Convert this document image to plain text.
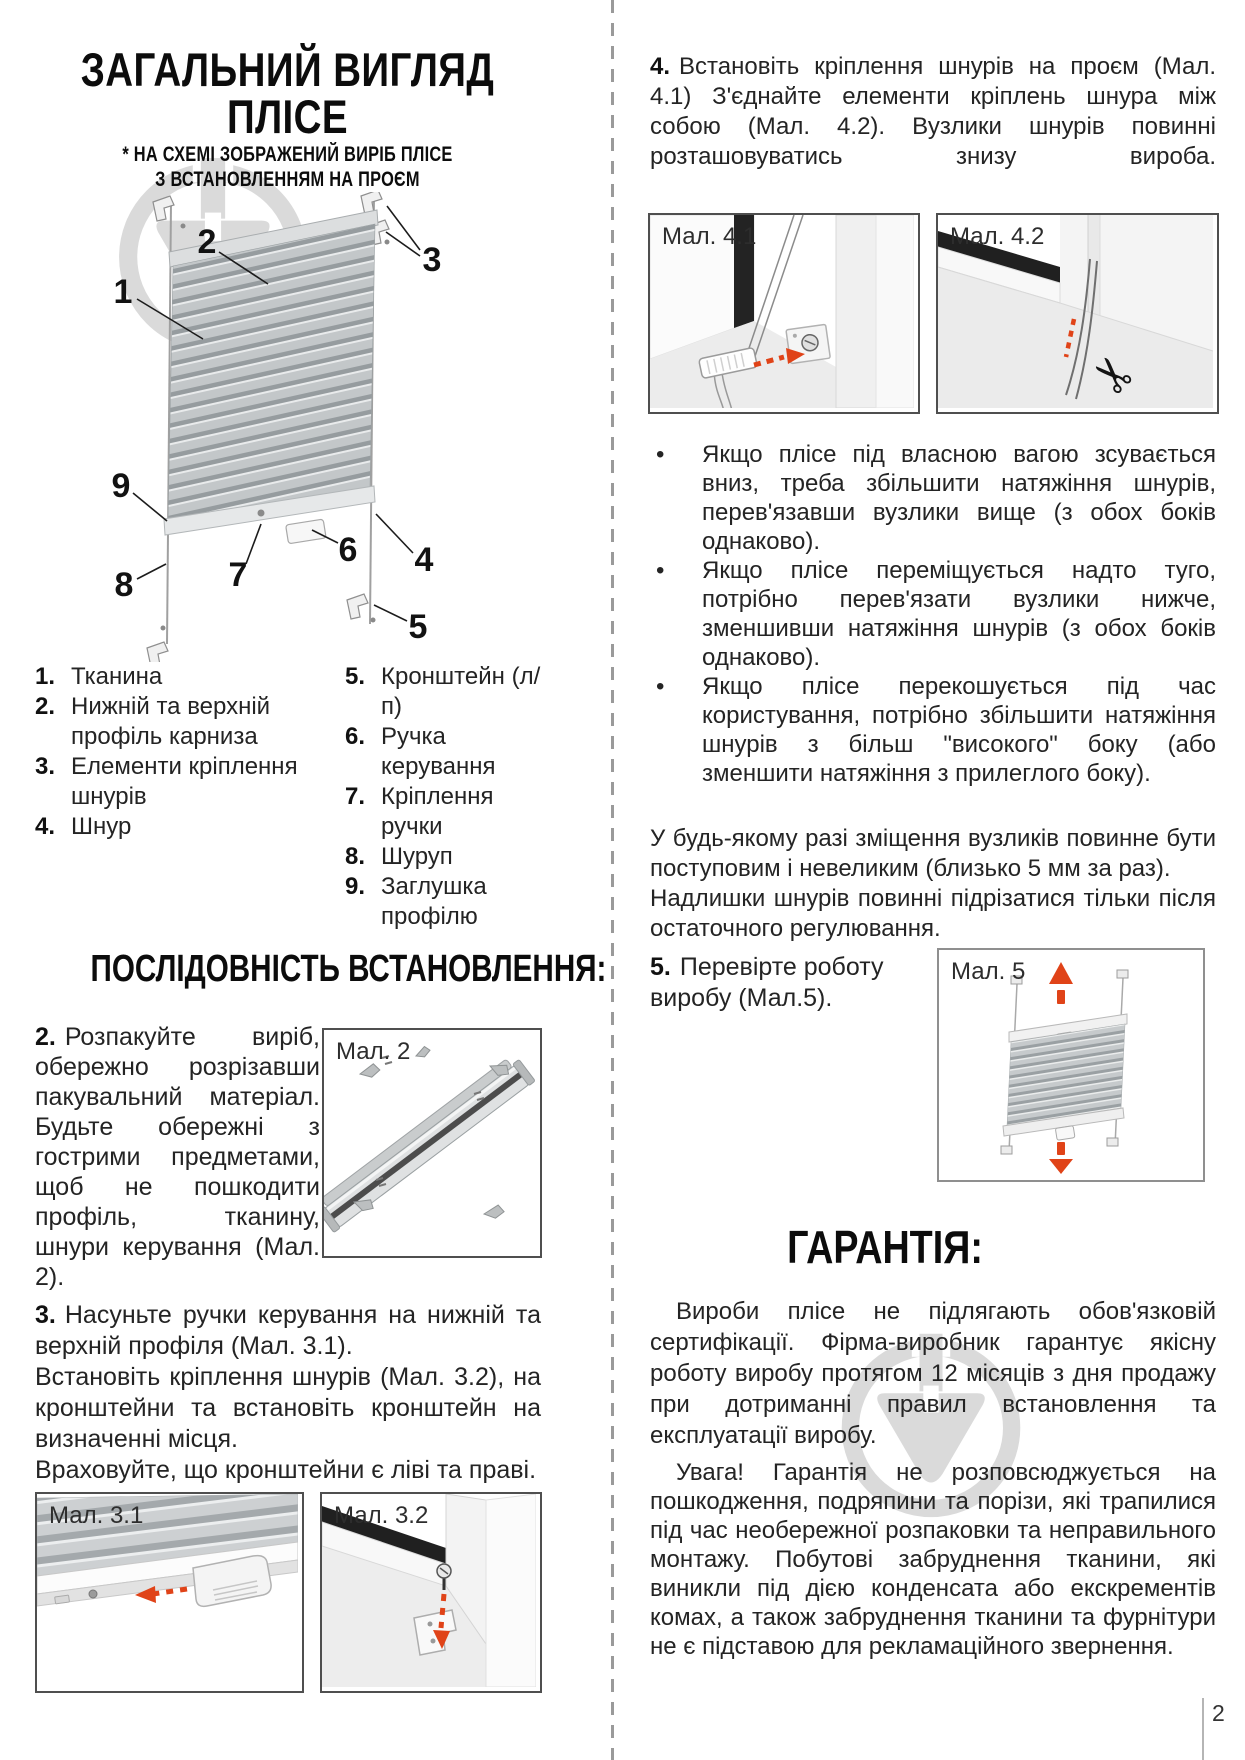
ЗАГАЛЬНИЙ ВИГЛЯД
ПЛІСЕ
* НА СХЕМІ ЗОБРАЖЕНИЙ ВИРІБ ПЛІСЕ
З ВСТАНОВЛЕННЯМ НА ПРОЄМ
1
2	3
9
6 4
7
8
5
1. Тканина
2. Нижній та верхній профіль карниза
3. Елементи кріплення шнурів
4. Шнур
5. Кронштейн (л/п)
6. Ручка керування
7. Кріплення ручки
8. Шуруп
9. Заглушка профілю
ПОСЛІДОВНІСТЬ ВСТАНОВЛЕННЯ:
2. Розпакуйте виріб, обережно розрізавши пакувальний матеріал. Будьте обережні з гострими предметами, щоб не пошкодити профіль, тканину, шнури керування (Мал. 2).
Мал. 2
3. Насуньте ручки керування на нижній та верхній профіля (Мал. 3.1).
Встановіть кріплення шнурів (Мал. 3.2), на кронштейни та встановіть кронштейн на визначенні місця.
Враховуйте, що кронштейни є ліві та праві.
Мал. 3.1	Мал. 3.2
4. Встановіть кріплення шнурів на проєм (Мал. 4.1) З'єднайте елементи кріплень шнура між собою (Мал. 4.2). Вузлики шнурів повинні розташовуватись знизу вироба.
Мал. 4.1	Мал. 4.2
✂
•	Якщо плісе під власною вагою зсувається вниз, треба збільшити натяжіння шнурів, перев'язавши вузлики вище (з обох боків однаково).
•	Якщо плісе переміщується надто туго, потрібно перев'язати вузлики нижче, зменшивши натяжіння шнурів (з обох боків однаково).
•	Якщо плісе перекошується під час користування, потрібно збільшити натяжіння шнурів з більш "високого" боку (або зменшити натяжіння з прилеглого боку).
У будь-якому разі зміщення вузликів повинне бути поступовим і невеликим (близько 5 мм за раз).
Надлишки шнурів повинні підрізатися тільки після остаточного регулювання.
5. Перевірте роботу виробу (Мал.5).
Мал. 5
ГАРАНТІЯ:
Вироби плісе не підлягають обов'язковій сертифікації. Фірма-виробник гарантує якісну роботу виробу протягом 12 місяців з дня продажу при дотриманні правил встановлення та експлуатації виробу.
Увага! Гарантія не розповсюджується на пошкодження, подряпини та порізи, які трапилися під час необережної розпаковки та неправильного монтажу. Побутові забруднення тканини, які виникли під дією конденсата або екскрементів комах, а також забруднення тканини та фурнітури не є підставою для рекламаційного звернення.
2
